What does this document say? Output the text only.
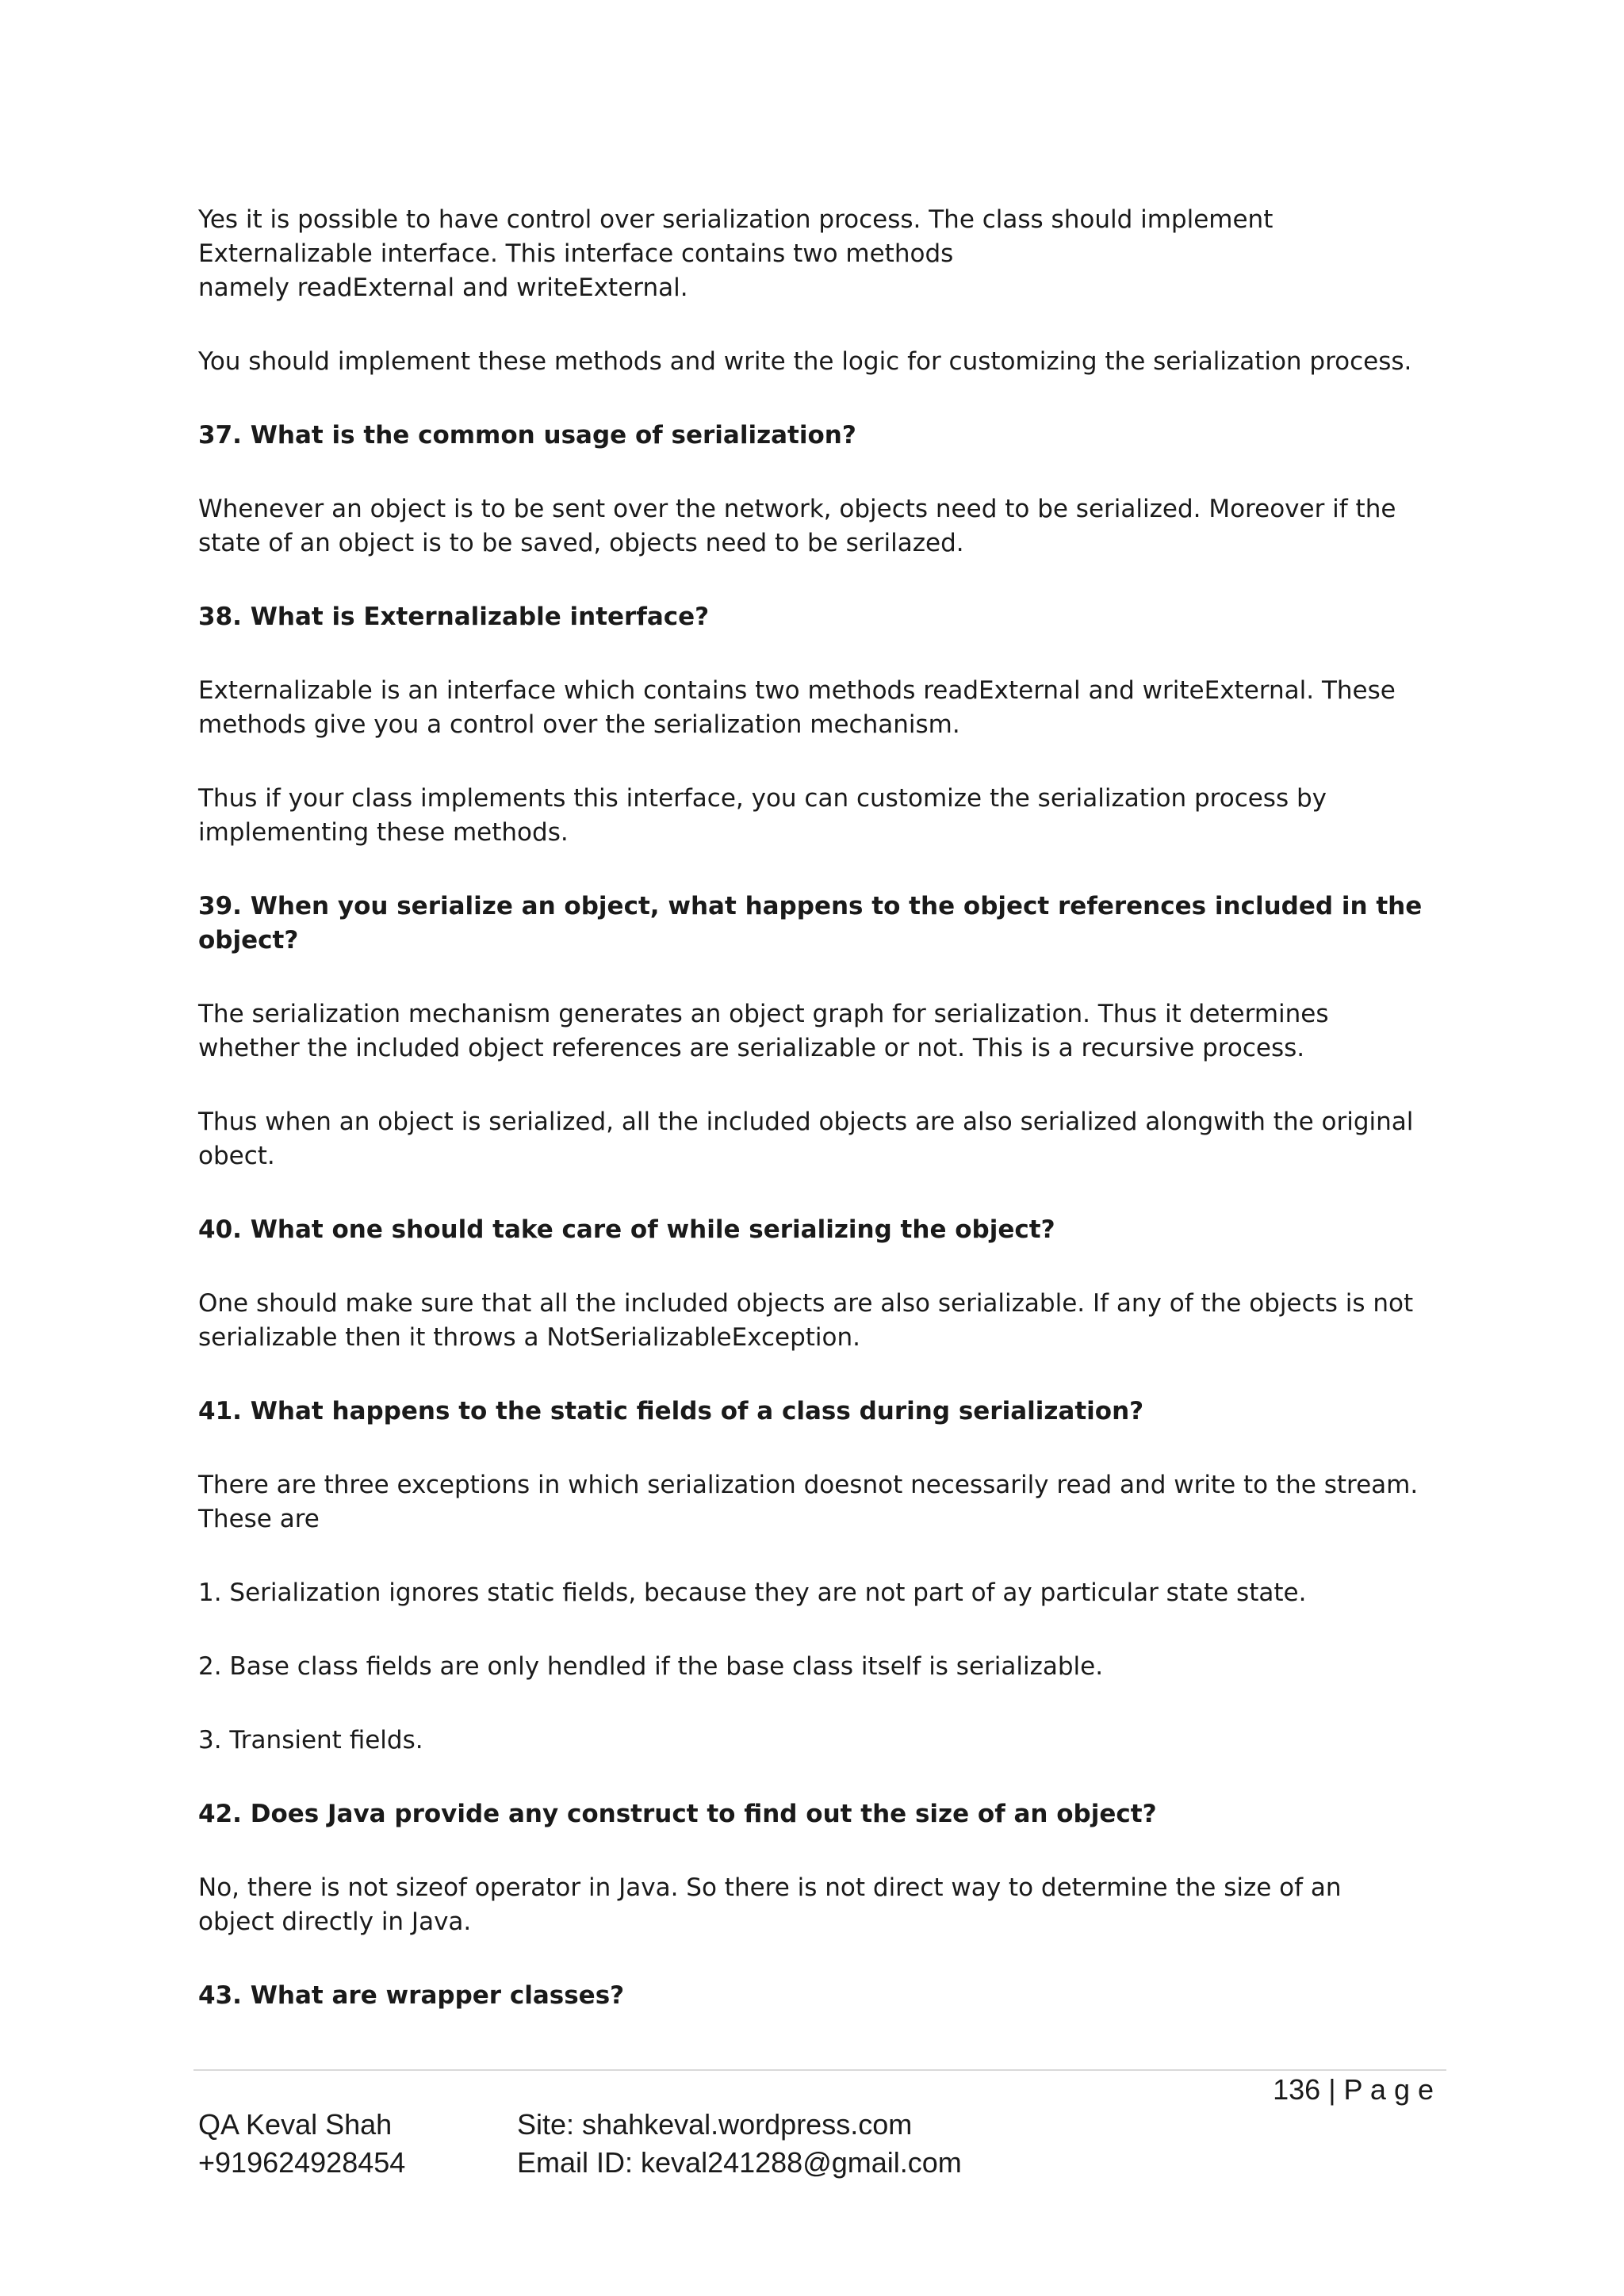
Yes it is possible to have control over serialization process. The class should implement
Externalizable interface. This interface contains two methods
namely readExternal and writeExternal.

You should implement these methods and write the logic for customizing the serialization process.

37. What is the common usage of serialization?

Whenever an object is to be sent over the network, objects need to be serialized. Moreover if the
state of an object is to be saved, objects need to be serilazed.

38. What is Externalizable interface?

Externalizable is an interface which contains two methods readExternal and writeExternal. These
methods give you a control over the serialization mechanism.

Thus if your class implements this interface, you can customize the serialization process by
implementing these methods.

39. When you serialize an object, what happens to the object references included in the
object?

The serialization mechanism generates an object graph for serialization. Thus it determines
whether the included object references are serializable or not. This is a recursive process.

Thus when an object is serialized, all the included objects are also serialized alongwith the original
obect.

40. What one should take care of while serializing the object?

One should make sure that all the included objects are also serializable. If any of the objects is not
serializable then it throws a NotSerializableException.

41. What happens to the static fields of a class during serialization?

There are three exceptions in which serialization doesnot necessarily read and write to the stream.
These are

1. Serialization ignores static fields, because they are not part of ay particular state state.

2. Base class fields are only hendled if the base class itself is serializable.

3. Transient fields.

42. Does Java provide any construct to find out the size of an object?

No, there is not sizeof operator in Java. So there is not direct way to determine the size of an
object directly in Java.

43. What are wrapper classes?

136 | P a g e
QA Keval Shah
+919624928454
Site: shahkeval.wordpress.com
Email ID: keval241288@gmail.com
